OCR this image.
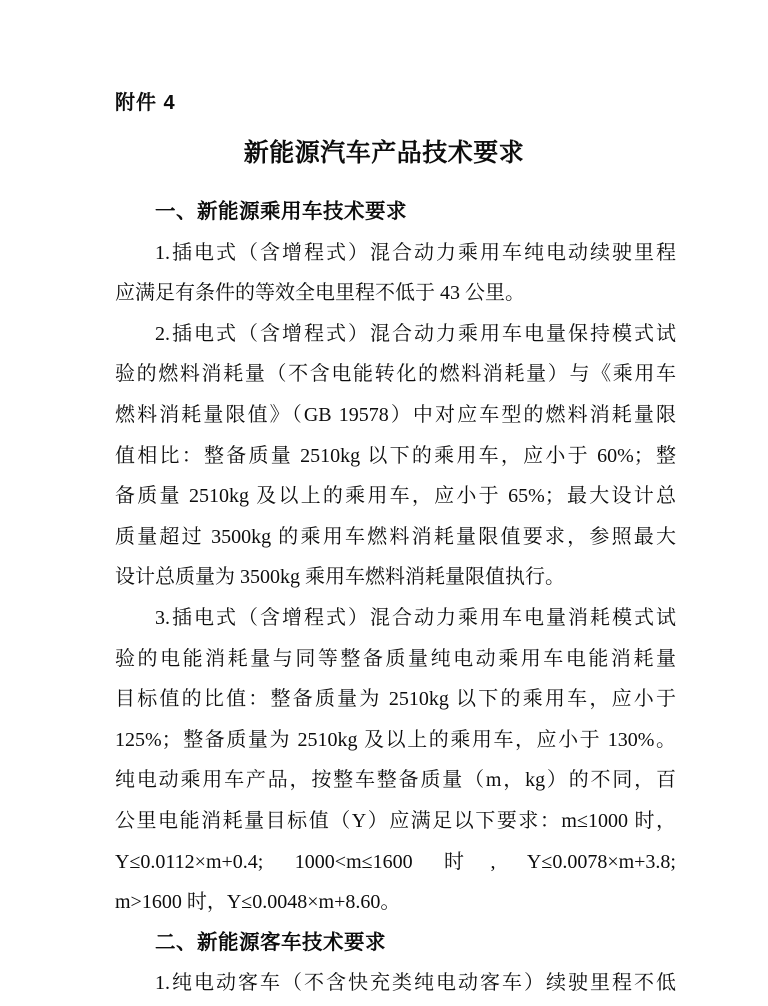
附件 4
新能源汽车产品技术要求
一、新能源乘用车技术要求
1.插电式（含增程式）混合动力乘用车纯电动续驶里程
应满足有条件的等效全电里程不低于 43 公里。
2.插电式（含增程式）混合动力乘用车电量保持模式试
验的燃料消耗量（不含电能转化的燃料消耗量）与《乘用车
燃料消耗量限值》（GB 19578）中对应车型的燃料消耗量限
值相比：整备质量 2510kg 以下的乘用车，应小于 60%；整
备质量 2510kg 及以上的乘用车，应小于 65%；最大设计总
质量超过 3500kg 的乘用车燃料消耗量限值要求，参照最大
设计总质量为 3500kg 乘用车燃料消耗量限值执行。
3.插电式（含增程式）混合动力乘用车电量消耗模式试
验的电能消耗量与同等整备质量纯电动乘用车电能消耗量
目标值的比值：整备质量为 2510kg 以下的乘用车，应小于
125%；整备质量为 2510kg 及以上的乘用车，应小于 130%。
纯电动乘用车产品，按整车整备质量（m，kg）的不同，百
公里电能消耗量目标值（Y）应满足以下要求：m≤1000 时，
Y≤0.0112×m+0.4; 1000<m≤1600 时, Y≤0.0078×m+3.8;
m>1600 时，Y≤0.0048×m+8.60。
二、新能源客车技术要求
1.纯电动客车（不含快充类纯电动客车）续驶里程不低
